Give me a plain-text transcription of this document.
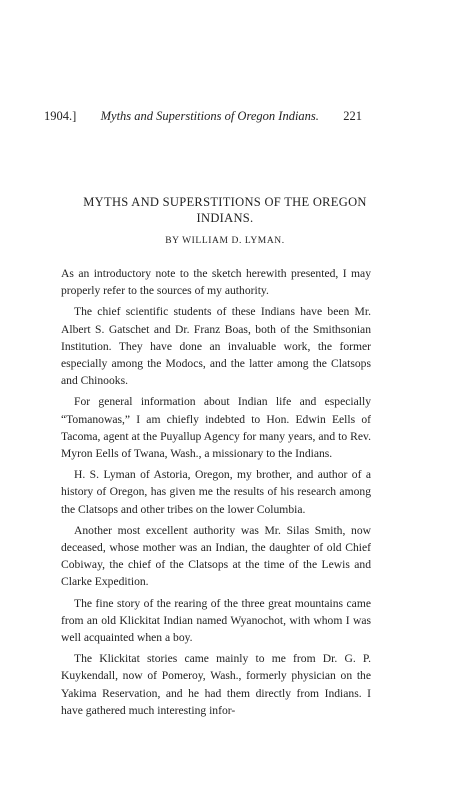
1904.] Myths and Superstitions of Oregon Indians. 221
MYTHS AND SUPERSTITIONS OF THE OREGON
INDIANS.
BY WILLIAM D. LYMAN.

As an introductory note to the sketch herewith presented, I may properly refer to the sources of my authority.

The chief scientific students of these Indians have been Mr. Albert S. Gatschet and Dr. Franz Boas, both of the Smithsonian Institution. They have done an invaluable work, the former especially among the Modocs, and the latter among the Clatsops and Chinooks.

For general information about Indian life and especially “Tomanowas,” I am chiefly indebted to Hon. Edwin Eells of Tacoma, agent at the Puyallup Agency for many years, and to Rev. Myron Eells of Twana, Wash., a missionary to the Indians.

H. S. Lyman of Astoria, Oregon, my brother, and author of a history of Oregon, has given me the results of his research among the Clatsops and other tribes on the lower Columbia.

Another most excellent authority was Mr. Silas Smith, now deceased, whose mother was an Indian, the daughter of old Chief Cobiway, the chief of the Clatsops at the time of the Lewis and Clarke Expedition.

The fine story of the rearing of the three great mountains came from an old Klickitat Indian named Wyanochot, with whom I was well acquainted when a boy.

The Klickitat stories came mainly to me from Dr. G. P. Kuykendall, now of Pomeroy, Wash., formerly physician on the Yakima Reservation, and he had them directly from Indians. I have gathered much interesting infor-
